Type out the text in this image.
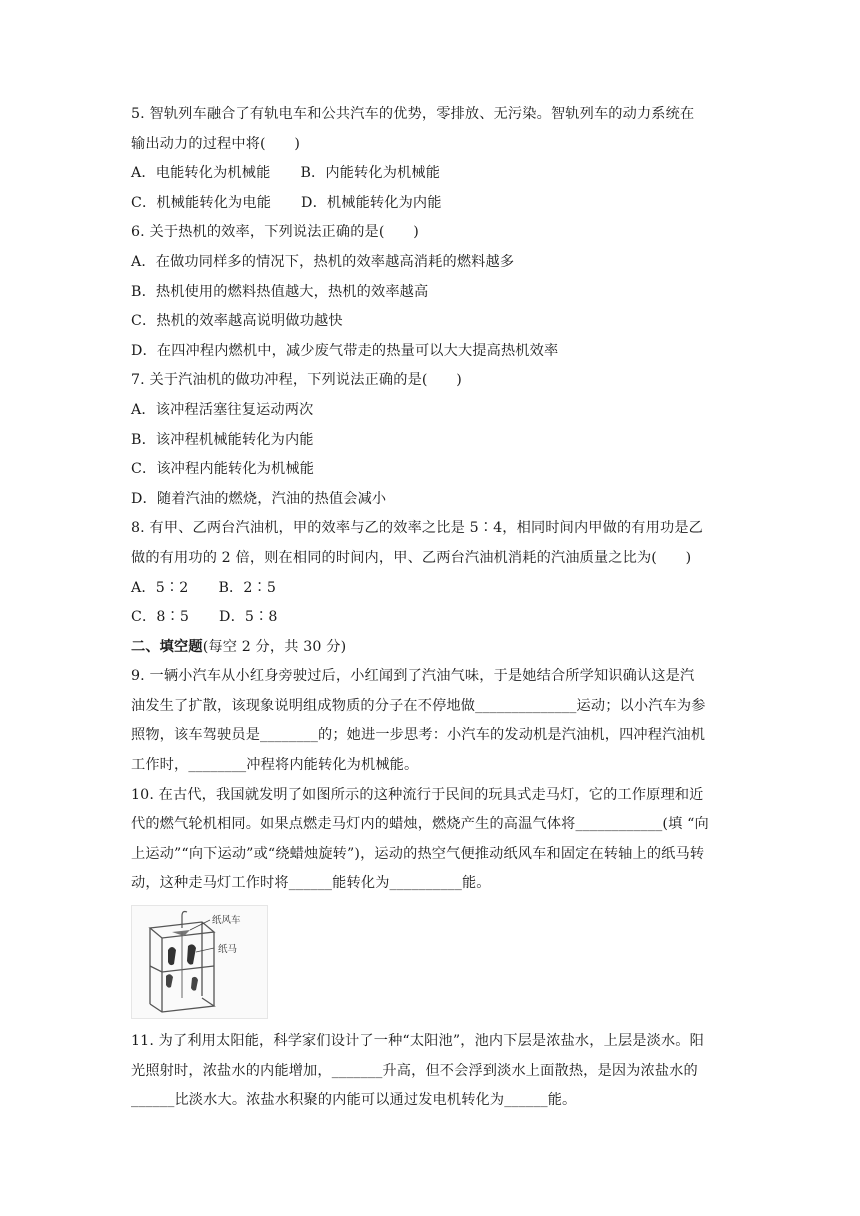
5. 智轨列车融合了有轨电车和公共汽车的优势，零排放、无污染。智轨列车的动力系统在
输出动力的过程中将(　　)
A．电能转化为机械能 B．内能转化为机械能
C．机械能转化为电能 D．机械能转化为内能
6. 关于热机的效率，下列说法正确的是(　　)
A．在做功同样多的情况下，热机的效率越高消耗的燃料越多
B．热机使用的燃料热值越大，热机的效率越高
C．热机的效率越高说明做功越快
D．在四冲程内燃机中，减少废气带走的热量可以大大提高热机效率
7. 关于汽油机的做功冲程，下列说法正确的是(　　)
A．该冲程活塞往复运动两次
B．该冲程机械能转化为内能
C．该冲程内能转化为机械能
D．随着汽油的燃烧，汽油的热值会减小
8. 有甲、乙两台汽油机，甲的效率与乙的效率之比是 5∶4，相同时间内甲做的有用功是乙
做的有用功的 2 倍，则在相同的时间内，甲、乙两台汽油机消耗的汽油质量之比为(　　)
A．5∶2 B．2∶5
C．8∶5 D．5∶8
二、填空题(每空 2 分，共 30 分)
9. 一辆小汽车从小红身旁驶过后，小红闻到了汽油气味，于是她结合所学知识确认这是汽
油发生了扩散，该现象说明组成物质的分子在不停地做______________运动；以小汽车为参
照物，该车驾驶员是________的；她进一步思考：小汽车的发动机是汽油机，四冲程汽油机
工作时，________冲程将内能转化为机械能。
10. 在古代，我国就发明了如图所示的这种流行于民间的玩具式走马灯，它的工作原理和近
代的燃气轮机相同。如果点燃走马灯内的蜡烛，燃烧产生的高温气体将____________(填 “向
上运动”“向下运动”或“绕蜡烛旋转”)，运动的热空气便推动纸风车和固定在转轴上的纸马转
动，这种走马灯工作时将______能转化为__________能。
纸风车
纸马
11. 为了利用太阳能，科学家们设计了一种“太阳池”，池内下层是浓盐水，上层是淡水。阳
光照射时，浓盐水的内能增加，_______升高，但不会浮到淡水上面散热，是因为浓盐水的
______比淡水大。浓盐水积聚的内能可以通过发电机转化为______能。
